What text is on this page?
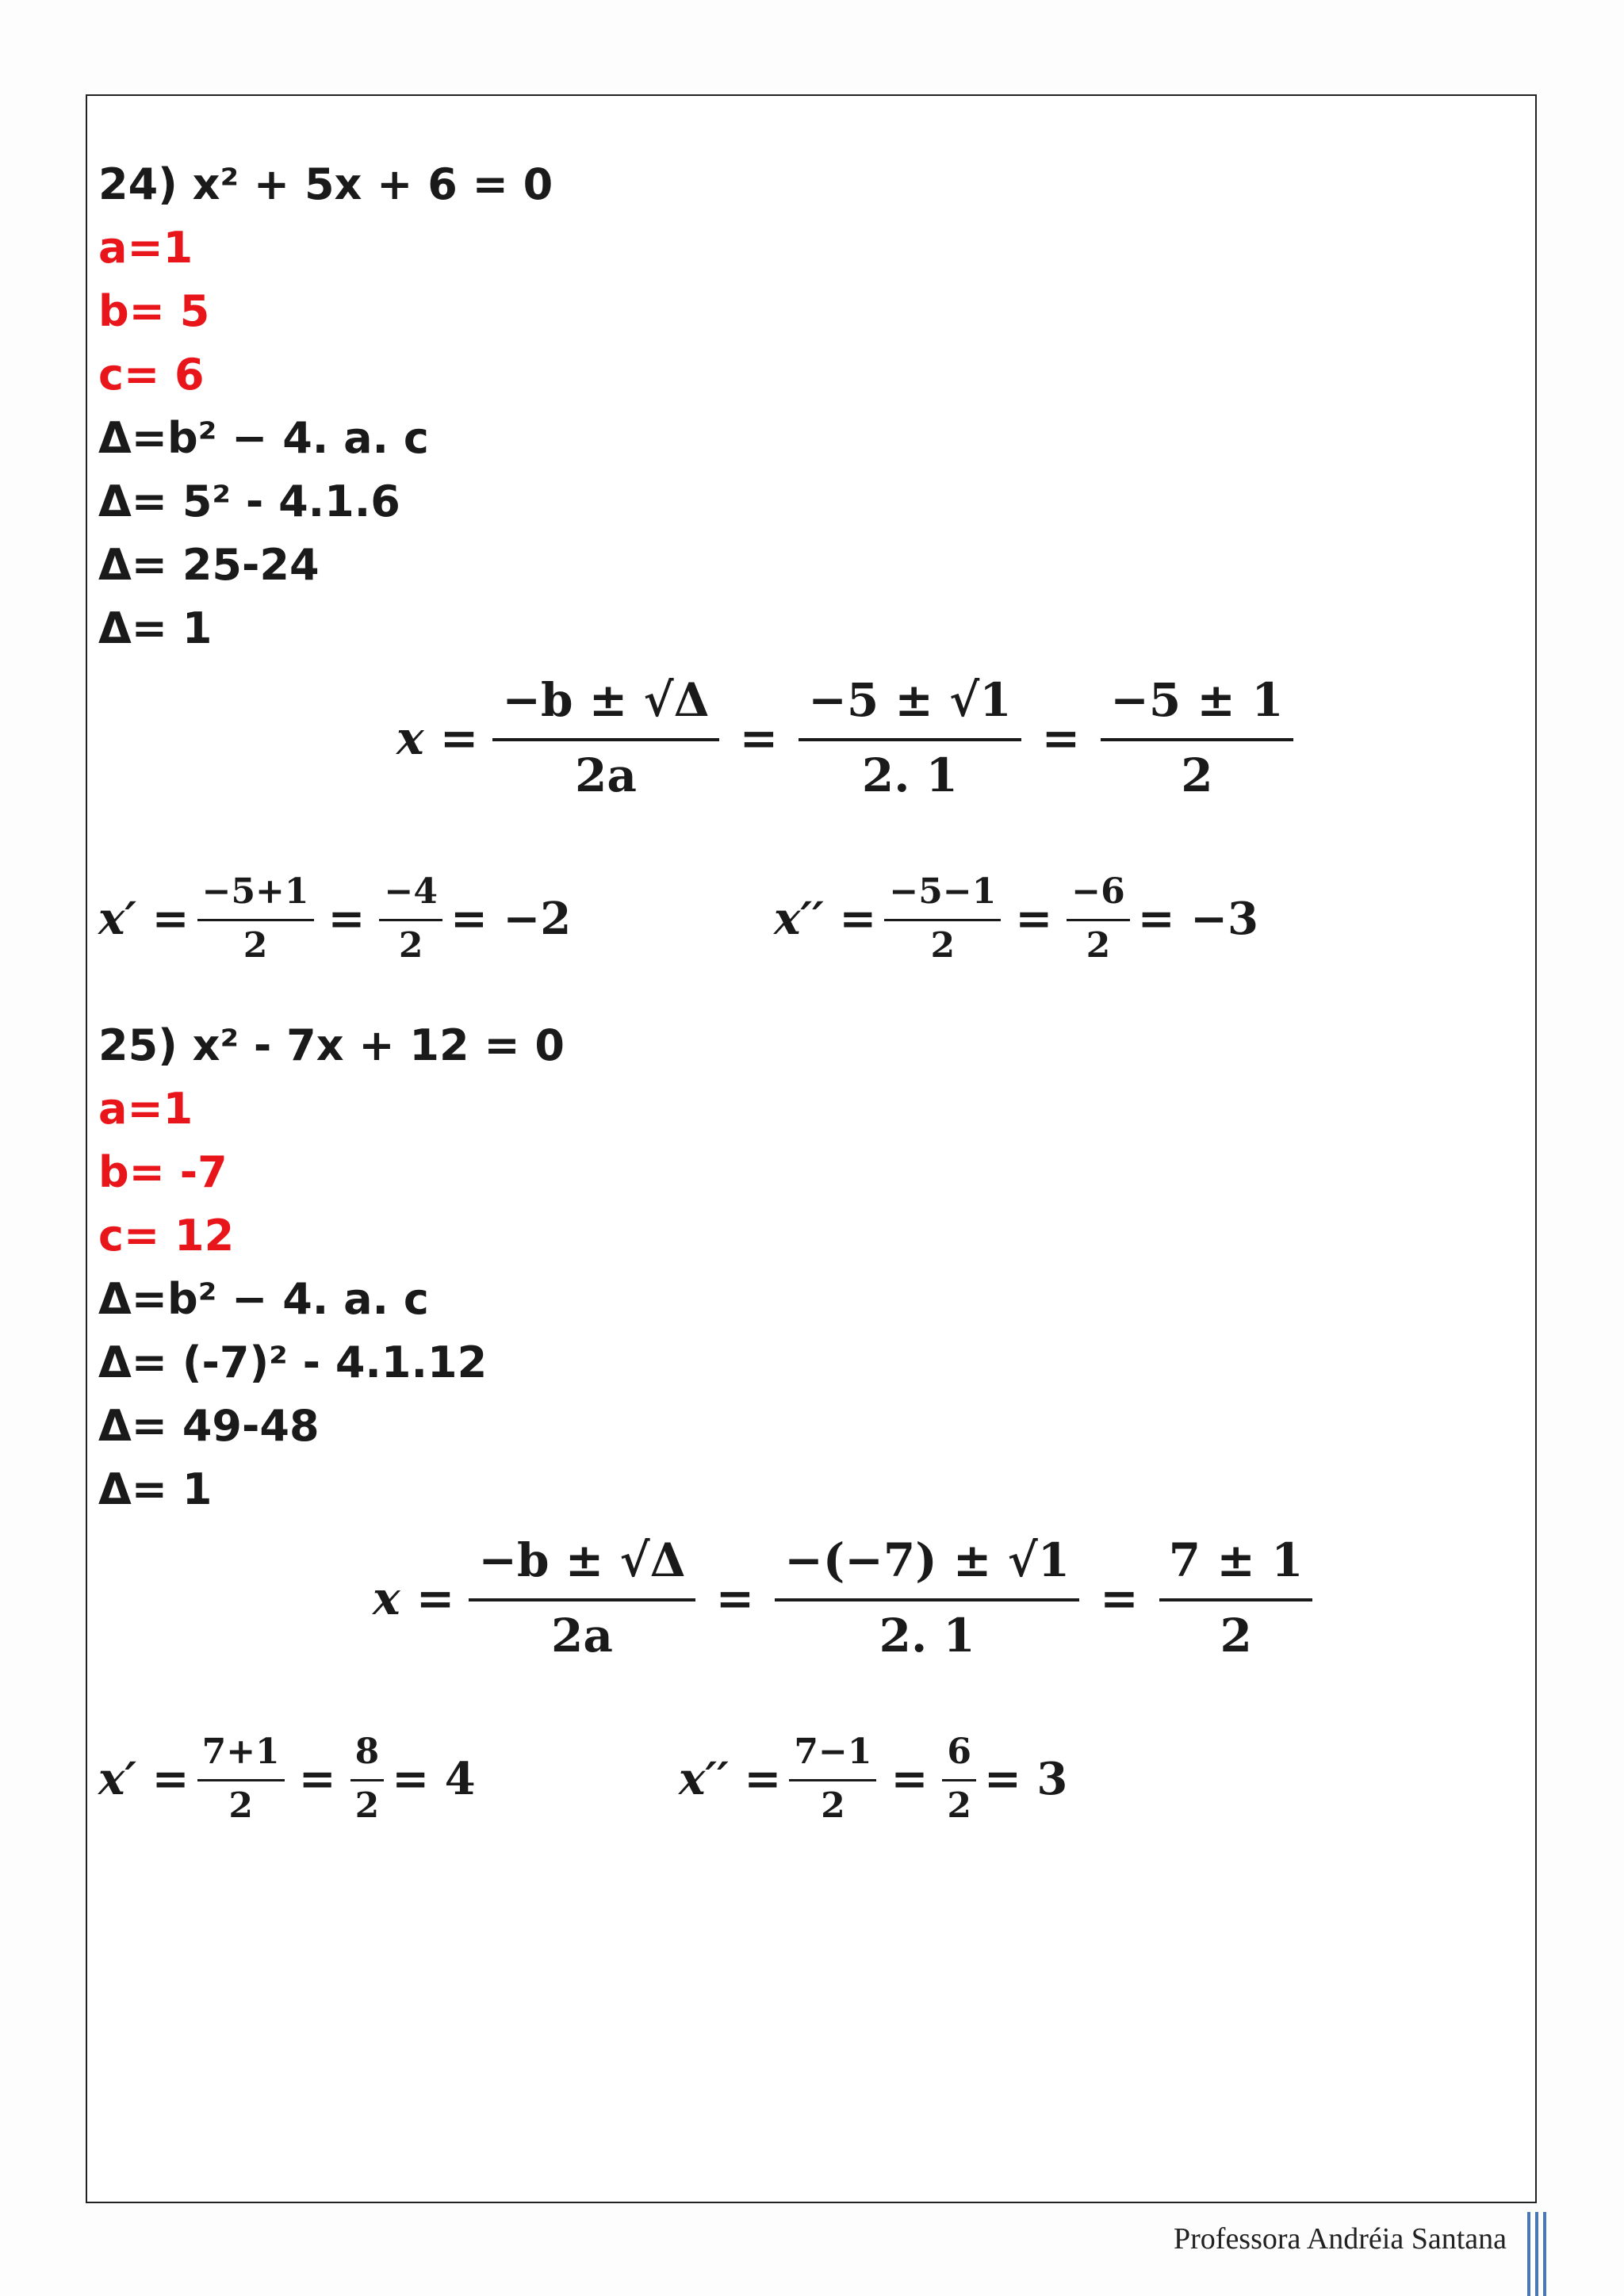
24) x² + 5x + 6 = 0
a=1
b= 5
c= 6
Δ=b² − 4. a. c
Δ= 5² - 4.1.6
Δ= 25-24
Δ= 1
$x = \frac{-b \pm √\Delta}{2a} = \frac{-5 \pm √1}{2. 1} = \frac{-5 \pm 1}{2}$
$x' = \frac{-5+1}{2} = \frac{-4}{2} = -2$	$x'' = \frac{-5-1}{2} = \frac{-6}{2} = -3$
25) x² - 7x + 12 = 0
a=1
b= -7
c= 12
Δ=b² − 4. a. c
Δ= (-7)² - 4.1.12
Δ= 49-48
Δ= 1
$x = \frac{-b \pm √\Delta}{2a} = \frac{-(-7) \pm √1}{2. 1} = \frac{7 \pm 1}{2}$
$x' = \frac{7+1}{2} = \frac{8}{2} = 4$	$x'' = \frac{7-1}{2} = \frac{6}{2} = 3$
Professora Andréia Santana
